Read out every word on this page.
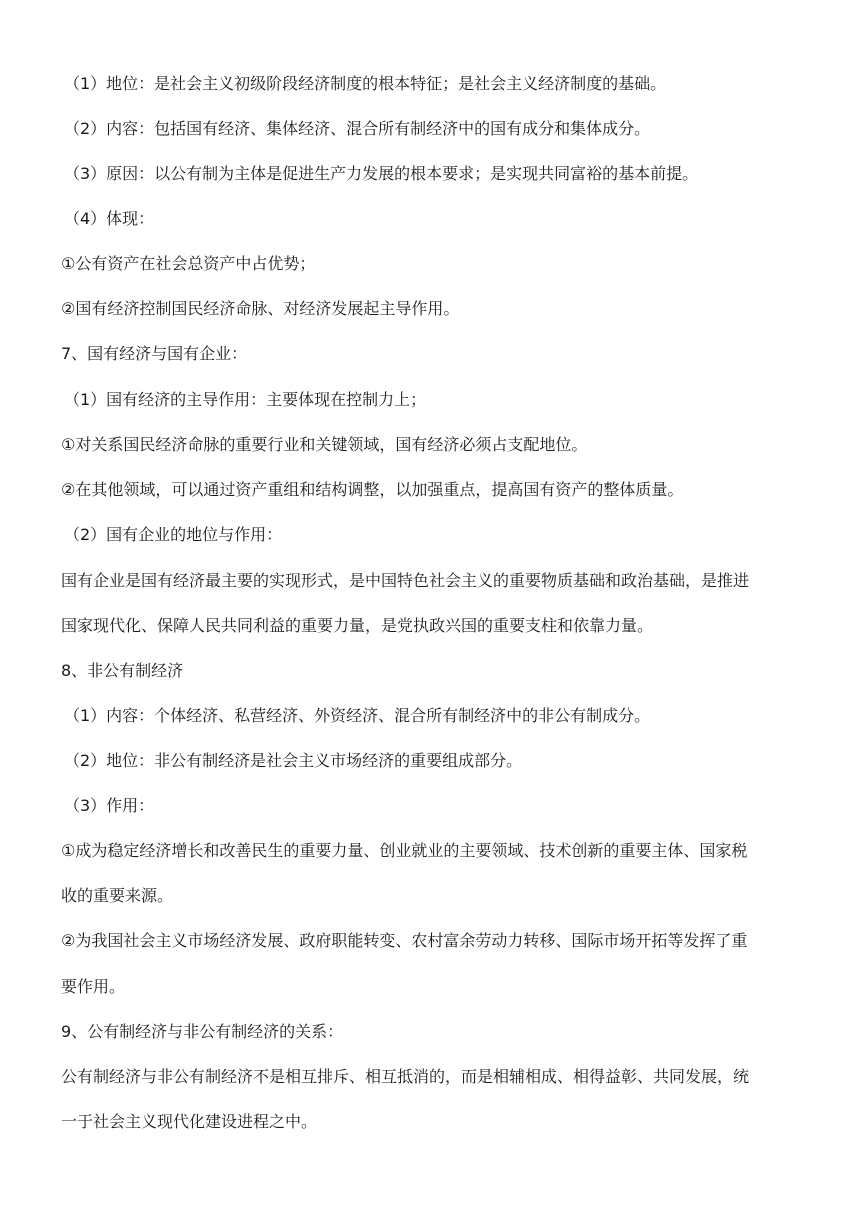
（1）地位：是社会主义初级阶段经济制度的根本特征；是社会主义经济制度的基础。
（2）内容：包括国有经济、集体经济、混合所有制经济中的国有成分和集体成分。
（3）原因：以公有制为主体是促进生产力发展的根本要求；是实现共同富裕的基本前提。
（4）体现：
①公有资产在社会总资产中占优势；
②国有经济控制国民经济命脉、对经济发展起主导作用。
7、国有经济与国有企业：
（1）国有经济的主导作用：主要体现在控制力上；
①对关系国民经济命脉的重要行业和关键领域，国有经济必须占支配地位。
②在其他领域，可以通过资产重组和结构调整，以加强重点，提高国有资产的整体质量。
（2）国有企业的地位与作用：
国有企业是国有经济最主要的实现形式，是中国特色社会主义的重要物质基础和政治基础，是推进
国家现代化、保障人民共同利益的重要力量，是党执政兴国的重要支柱和依靠力量。
8、非公有制经济
（1）内容：个体经济、私营经济、外资经济、混合所有制经济中的非公有制成分。
（2）地位：非公有制经济是社会主义市场经济的重要组成部分。
（3）作用：
①成为稳定经济增长和改善民生的重要力量、创业就业的主要领域、技术创新的重要主体、国家税
收的重要来源。
②为我国社会主义市场经济发展、政府职能转变、农村富余劳动力转移、国际市场开拓等发挥了重
要作用。
9、公有制经济与非公有制经济的关系：
公有制经济与非公有制经济不是相互排斥、相互抵消的，而是相辅相成、相得益彰、共同发展，统
一于社会主义现代化建设进程之中。
